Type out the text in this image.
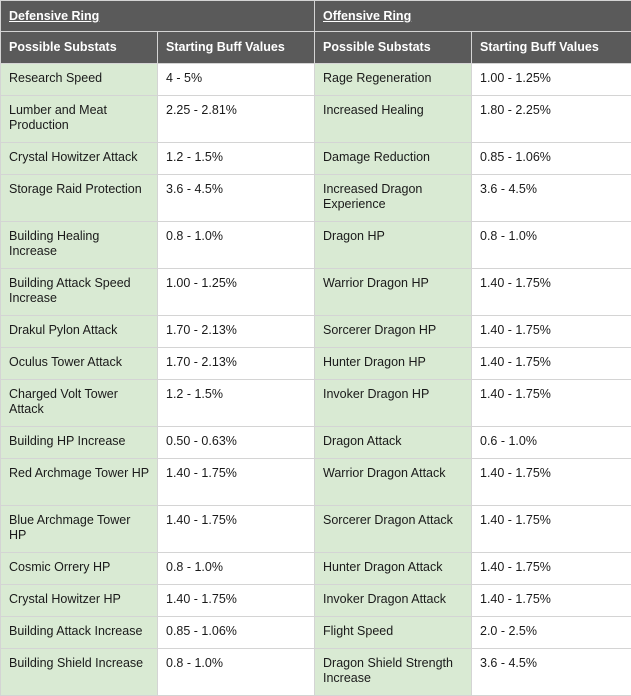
Defensive Ring		Offensive Ring	
Possible Substats	Starting Buff Values	Possible Substats	Starting Buff Values
Research Speed	4 - 5%	Rage Regeneration	1.00 - 1.25%
Lumber and Meat Production	2.25 - 2.81%	Increased Healing	1.80 - 2.25%
Crystal Howitzer Attack	1.2 - 1.5%	Damage Reduction	0.85 - 1.06%
Storage Raid Protection	3.6 - 4.5%	Increased Dragon Experience	3.6 - 4.5%
Building Healing Increase	0.8 - 1.0%	Dragon HP	0.8 - 1.0%
Building Attack Speed Increase	1.00 - 1.25%	Warrior Dragon HP	1.40 - 1.75%
Drakul Pylon Attack	1.70 - 2.13%	Sorcerer Dragon HP	1.40 - 1.75%
Oculus Tower Attack	1.70 - 2.13%	Hunter Dragon HP	1.40 - 1.75%
Charged Volt Tower Attack	1.2 - 1.5%	Invoker Dragon HP	1.40 - 1.75%
Building HP Increase	0.50 - 0.63%	Dragon Attack	0.6 - 1.0%
Red Archmage Tower HP	1.40 - 1.75%	Warrior Dragon Attack	1.40 - 1.75%
Blue Archmage Tower HP	1.40 - 1.75%	Sorcerer Dragon Attack	1.40 - 1.75%
Cosmic Orrery HP	0.8 - 1.0%	Hunter Dragon Attack	1.40 - 1.75%
Crystal Howitzer HP	1.40 - 1.75%	Invoker Dragon Attack	1.40 - 1.75%
Building Attack Increase	0.85 - 1.06%	Flight Speed	2.0 - 2.5%
Building Shield Increase	0.8 - 1.0%	Dragon Shield Strength Increase	3.6 - 4.5%
